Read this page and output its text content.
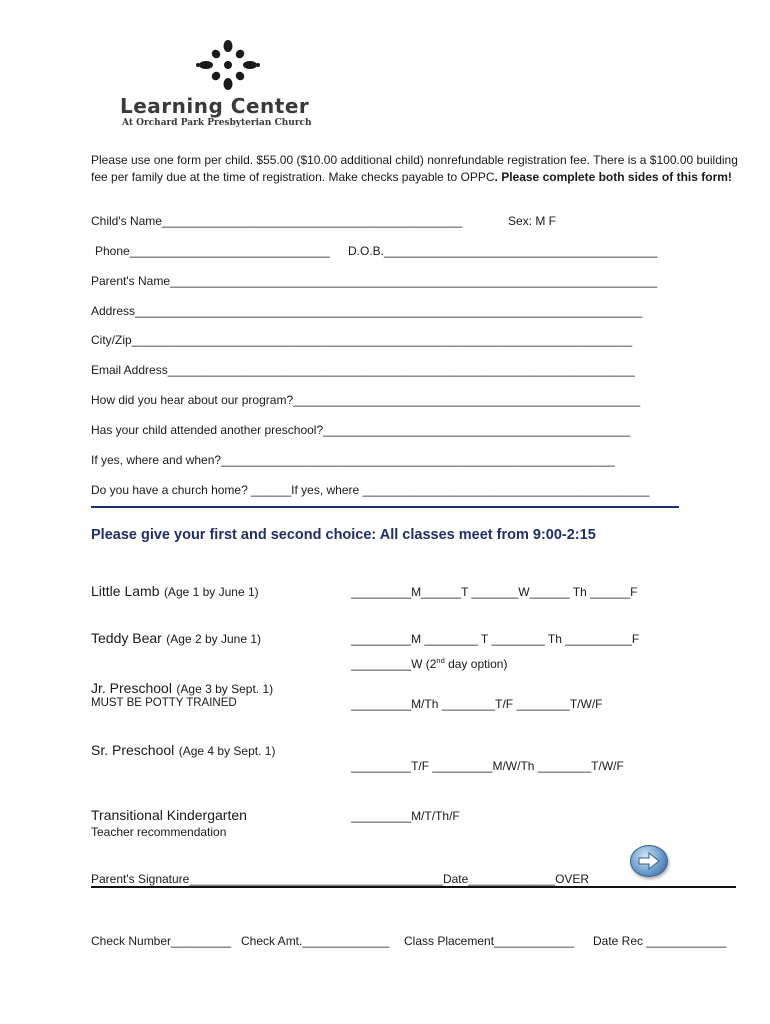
Learning Center
At Orchard Park Presbyterian Church
Please use one form per child. $55.00 ($10.00 additional child) nonrefundable registration fee. There is a $100.00 building fee per family due at the time of registration. Make checks payable to OPPC. Please complete both sides of this form!
Child's Name_____________________________________________	Sex: M F
Phone______________________________ D.O.B._________________________________________
Parent's Name_________________________________________________________________________
Address____________________________________________________________________________
City/Zip___________________________________________________________________________
Email Address______________________________________________________________________
How did you hear about our program?____________________________________________________
Has your child attended another preschool?______________________________________________
If yes, where and when?___________________________________________________________
Do you have a church home? ______If yes, where ___________________________________________
Please give your first and second choice: All classes meet from 9:00-2:15
Little Lamb (Age 1 by June 1)	_________M______T _______W______ Th ______F
Teddy Bear (Age 2 by June 1)	_________M ________ T ________ Th __________F
_________W (2nd day option)
Jr. Preschool (Age 3 by Sept. 1)
MUST BE POTTY TRAINED	_________M/Th ________T/F ________T/W/F
Sr. Preschool (Age 4 by Sept. 1)
_________T/F _________M/W/Th ________T/W/F
Transitional Kindergarten
Teacher recommendation
_________M/T/Th/F
Parent's Signature______________________________________Date_____________OVER
Check Number_________ Check Amt._____________ Class Placement____________ Date Rec ____________
